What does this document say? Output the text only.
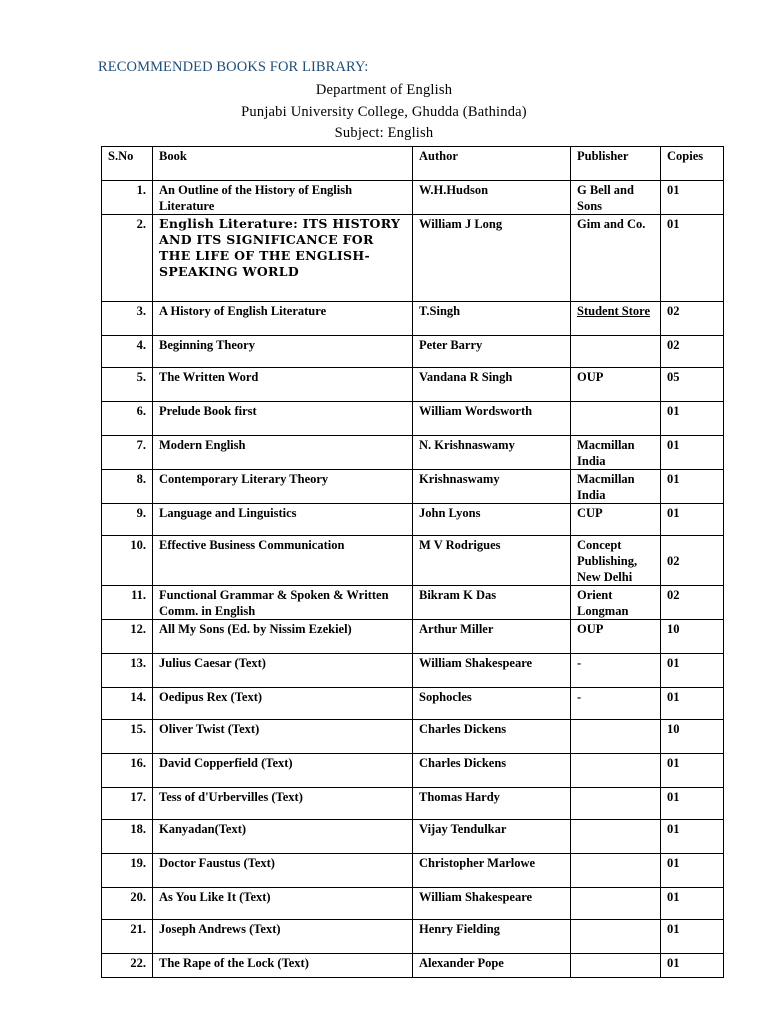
RECOMMENDED BOOKS FOR LIBRARY:
Department of English
Punjabi University College, Ghudda (Bathinda)
Subject: English
S.No	Book	Author	Publisher	Copies
1.	An Outline of the History of English Literature	W.H.Hudson	G Bell and Sons	01
2.	English Literature: ITS HISTORY AND ITS SIGNIFICANCE FOR THE LIFE OF THE ENGLISH-SPEAKING WORLD	William J Long	Gim and Co.	01
3.	A History of English Literature	T.Singh	Student Store	02
4.	Beginning Theory	Peter Barry		02
5.	The Written Word	Vandana R Singh	OUP	05
6.	Prelude Book first	William Wordsworth		01
7.	Modern English	N. Krishnaswamy	Macmillan India	01
8.	Contemporary Literary Theory	Krishnaswamy	Macmillan India	01
9.	Language and Linguistics	John Lyons	CUP	01
10.	Effective Business Communication	M V Rodrigues	Concept Publishing, New Delhi	02
11.	Functional Grammar & Spoken & Written Comm. in English	Bikram K Das	Orient Longman	02
12.	All My Sons (Ed. by Nissim Ezekiel)	Arthur Miller	OUP	10
13.	Julius Caesar (Text)	William Shakespeare	-	01
14.	Oedipus Rex (Text)	Sophocles	-	01
15.	Oliver Twist (Text)	Charles Dickens		10
16.	David Copperfield (Text)	Charles Dickens		01
17.	Tess of d'Urbervilles (Text)	Thomas Hardy		01
18.	Kanyadan(Text)	Vijay Tendulkar		01
19.	Doctor Faustus (Text)	Christopher Marlowe		01
20.	As You Like It (Text)	William Shakespeare		01
21.	Joseph Andrews (Text)	Henry Fielding		01
22.	The Rape of the Lock (Text)	Alexander Pope		01
